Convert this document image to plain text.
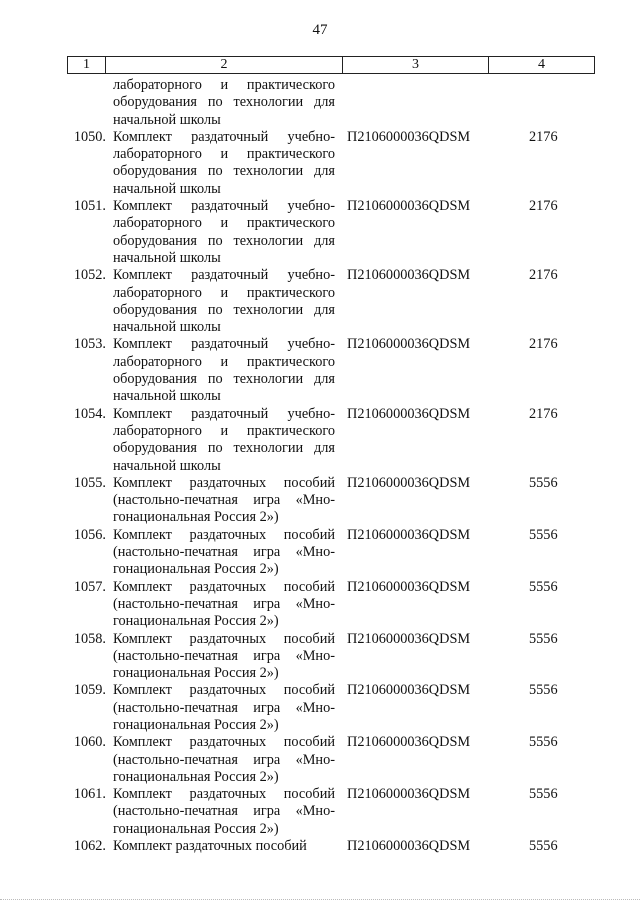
47
1	2	3	4
лабораторного и практического
оборудования по технологии для
начальной школы
1050. Комплект раздаточный учебно-
лабораторного и практического
оборудования по технологии для
начальной школы
П2106000036QDSM	2176
1051. Комплект раздаточный учебно-
лабораторного и практического
оборудования по технологии для
начальной школы
П2106000036QDSM	2176
1052. Комплект раздаточный учебно-
лабораторного и практического
оборудования по технологии для
начальной школы
П2106000036QDSM	2176
1053. Комплект раздаточный учебно-
лабораторного и практического
оборудования по технологии для
начальной школы
П2106000036QDSM	2176
1054. Комплект раздаточный учебно-
лабораторного и практического
оборудования по технологии для
начальной школы
П2106000036QDSM	2176
1055. Комплект раздаточных пособий
(настольно-печатная игра «Мно-
гонациональная Россия 2»)
П2106000036QDSM	5556
1056. Комплект раздаточных пособий
(настольно-печатная игра «Мно-
гонациональная Россия 2»)
П2106000036QDSM	5556
1057. Комплект раздаточных пособий
(настольно-печатная игра «Мно-
гонациональная Россия 2»)
П2106000036QDSM	5556
1058. Комплект раздаточных пособий
(настольно-печатная игра «Мно-
гонациональная Россия 2»)
П2106000036QDSM	5556
1059. Комплект раздаточных пособий
(настольно-печатная игра «Мно-
гонациональная Россия 2»)
П2106000036QDSM	5556
1060. Комплект раздаточных пособий
(настольно-печатная игра «Мно-
гонациональная Россия 2»)
П2106000036QDSM	5556
1061. Комплект раздаточных пособий
(настольно-печатная игра «Мно-
гонациональная Россия 2»)
П2106000036QDSM	5556
1062. Комплект раздаточных пособий	П2106000036QDSM	5556
